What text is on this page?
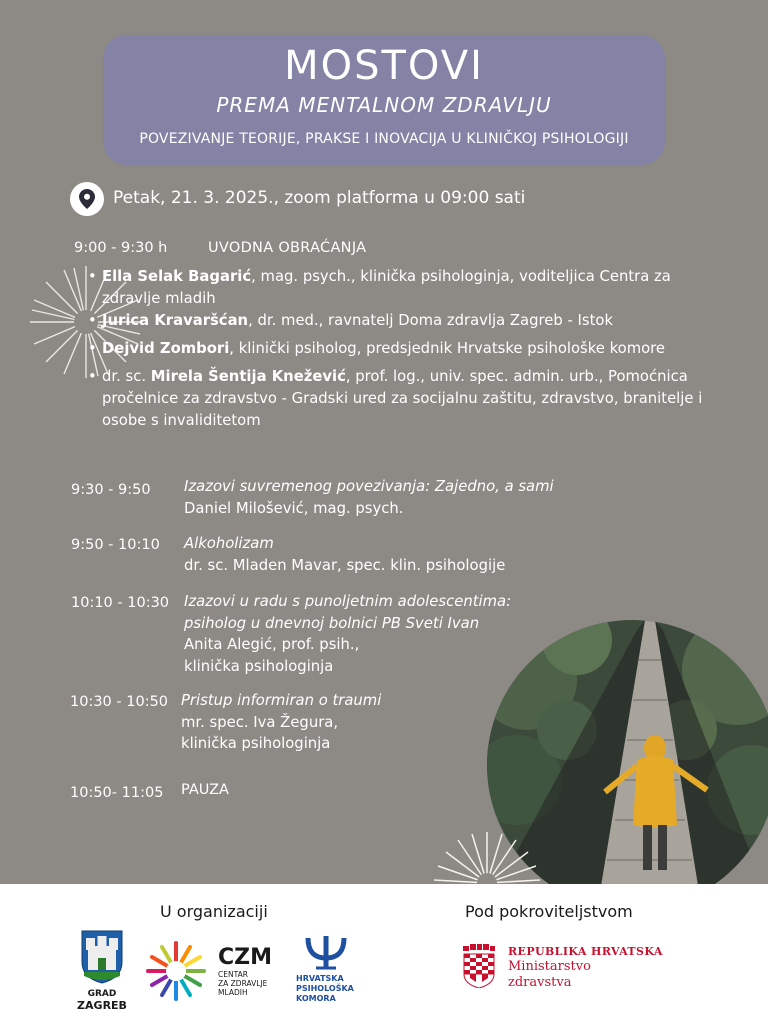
MOSTOVI
PREMA MENTALNOM ZDRAVLJU
POVEZIVANJE TEORIJE, PRAKSE I INOVACIJA U KLINIČKOJ PSIHOLOGIJI
Petak, 21. 3. 2025., zoom platforma u 09:00 sati
9:00 - 9:30 h	UVODNA OBRAĆANJA
• Ella Selak Bagarić, mag. psych., klinička psihologinja, voditeljica Centra za zdravlje mladih
• Jurica Kravaršćan, dr. med., ravnatelj Doma zdravlja Zagreb - Istok
• Dejvid Zombori, klinički psiholog, predsjednik Hrvatske psihološke komore
• dr. sc. Mirela Šentija Knežević, prof. log., univ. spec. admin. urb., Pomoćnica pročelnice za zdravstvo - Gradski ured za socijalnu zaštitu, zdravstvo, branitelje i osobe s invaliditetom
9:30 - 9:50 Izazovi suvremenog povezivanja: Zajedno, a sami
Daniel Milošević, mag. psych.
9:50 - 10:10 Alkoholizam
dr. sc. Mladen Mavar, spec. klin. psihologije
10:10 - 10:30 Izazovi u radu s punoljetnim adolescentima:
psiholog u dnevnoj bolnici PB Sveti Ivan
Anita Alegić, prof. psih.,
klinička psihologinja
10:30 - 10:50 Pristup informiran o traumi
mr. spec. Iva Žegura,
klinička psihologinja
10:50- 11:05 PAUZA
U organizaciji	Pod pokroviteljstvom
GRAD
ZAGREB
CZM
CENTAR
ZA ZDRAVLJE
MLADIH
HRVATSKA
PSIHOLOŠKA
KOMORA
REPUBLIKA HRVATSKA
Ministarstvo
zdravstva
